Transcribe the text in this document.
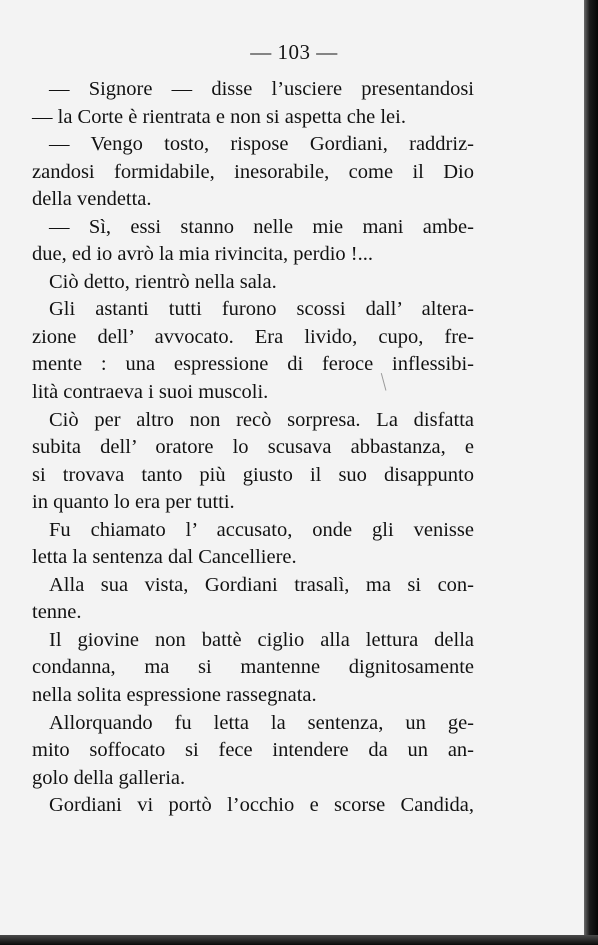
— 103 —
— Signore — disse l’usciere presentandosi
— la Corte è rientrata e non si aspetta che lei.
— Vengo tosto, rispose Gordiani, raddriz-
zandosi formidabile, inesorabile, come il Dio
della vendetta.
— Sì, essi stanno nelle mie mani ambe-
due, ed io avrò la mia rivincita, perdio !...
Ciò detto, rientrò nella sala.
Gli astanti tutti furono scossi dall’ altera-
zione dell’ avvocato. Era livido, cupo, fre-
mente : una espressione di feroce inflessibi-
lità contraeva i suoi muscoli.
Ciò per altro non recò sorpresa. La disfatta
subita dell’ oratore lo scusava abbastanza, e
si trovava tanto più giusto il suo disappunto
in quanto lo era per tutti.
Fu chiamato l’ accusato, onde gli venisse
letta la sentenza dal Cancelliere.
Alla sua vista, Gordiani trasalì, ma si con-
tenne.
Il giovine non battè ciglio alla lettura della
condanna, ma si mantenne dignitosamente
nella solita espressione rassegnata.
Allorquando fu letta la sentenza, un ge-
mito soffocato si fece intendere da un an-
golo della galleria.
Gordiani vi portò l’occhio e scorse Candida,
